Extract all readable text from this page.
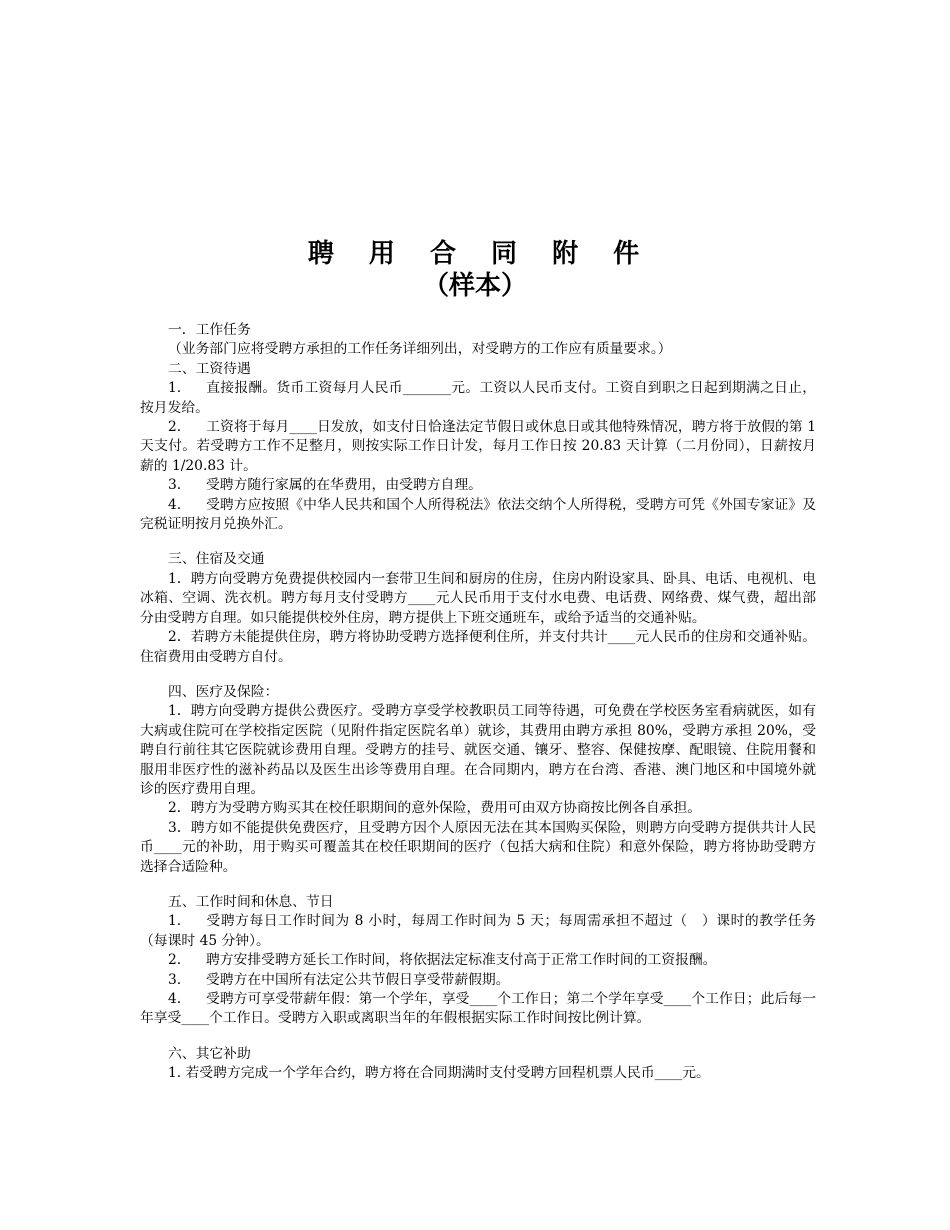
聘 用 合 同 附 件
（样本）

一．工作任务

（业务部门应将受聘方承担的工作任务详细列出，对受聘方的工作应有质量要求。）

二、工资待遇

1. 直接报酬。货币工资每月人民币_______元。工资以人民币支付。工资自到职之日起到期满之日止，按月发给。

2. 工资将于每月____日发放，如支付日恰逢法定节假日或休息日或其他特殊情况，聘方将于放假的第 1 天支付。若受聘方工作不足整月，则按实际工作日计发，每月工作日按 20.83 天计算（二月份同），日薪按月薪的 1/20.83 计。

3. 受聘方随行家属的在华费用，由受聘方自理。

4. 受聘方应按照《中华人民共和国个人所得税法》依法交纳个人所得税，受聘方可凭《外国专家证》及完税证明按月兑换外汇。

三、住宿及交通

1．聘方向受聘方免费提供校园内一套带卫生间和厨房的住房，住房内附设家具、卧具、电话、电视机、电冰箱、空调、洗衣机。聘方每月支付受聘方____元人民币用于支付水电费、电话费、网络费、煤气费，超出部分由受聘方自理。如只能提供校外住房，聘方提供上下班交通班车，或给予适当的交通补贴。

2．若聘方未能提供住房，聘方将协助受聘方选择便利住所，并支付共计____元人民币的住房和交通补贴。住宿费用由受聘方自付。

四、医疗及保险：

1．聘方向受聘方提供公费医疗。受聘方享受学校教职员工同等待遇，可免费在学校医务室看病就医，如有大病或住院可在学校指定医院（见附件指定医院名单）就诊，其费用由聘方承担 80%，受聘方承担 20%，受聘自行前往其它医院就诊费用自理。受聘方的挂号、就医交通、镶牙、整容、保健按摩、配眼镜、住院用餐和服用非医疗性的滋补药品以及医生出诊等费用自理。在合同期内，聘方在台湾、香港、澳门地区和中国境外就诊的医疗费用自理。

2．聘方为受聘方购买其在校任职期间的意外保险，费用可由双方协商按比例各自承担。

3．聘方如不能提供免费医疗，且受聘方因个人原因无法在其本国购买保险，则聘方向受聘方提供共计人民币____元的补助，用于购买可覆盖其在校任职期间的医疗（包括大病和住院）和意外保险，聘方将协助受聘方选择合适险种。

五、工作时间和休息、节日

1. 受聘方每日工作时间为 8 小时，每周工作时间为 5 天；每周需承担不超过（　）课时的教学任务（每课时 45 分钟）。

2. 聘方安排受聘方延长工作时间，将依据法定标准支付高于正常工作时间的工资报酬。

3. 受聘方在中国所有法定公共节假日享受带薪假期。

4. 受聘方可享受带薪年假：第一个学年，享受____个工作日；第二个学年享受____个工作日；此后每一年享受____个工作日。受聘方入职或离职当年的年假根据实际工作时间按比例计算。

六、其它补助

1. 若受聘方完成一个学年合约，聘方将在合同期满时支付受聘方回程机票人民币____元。
